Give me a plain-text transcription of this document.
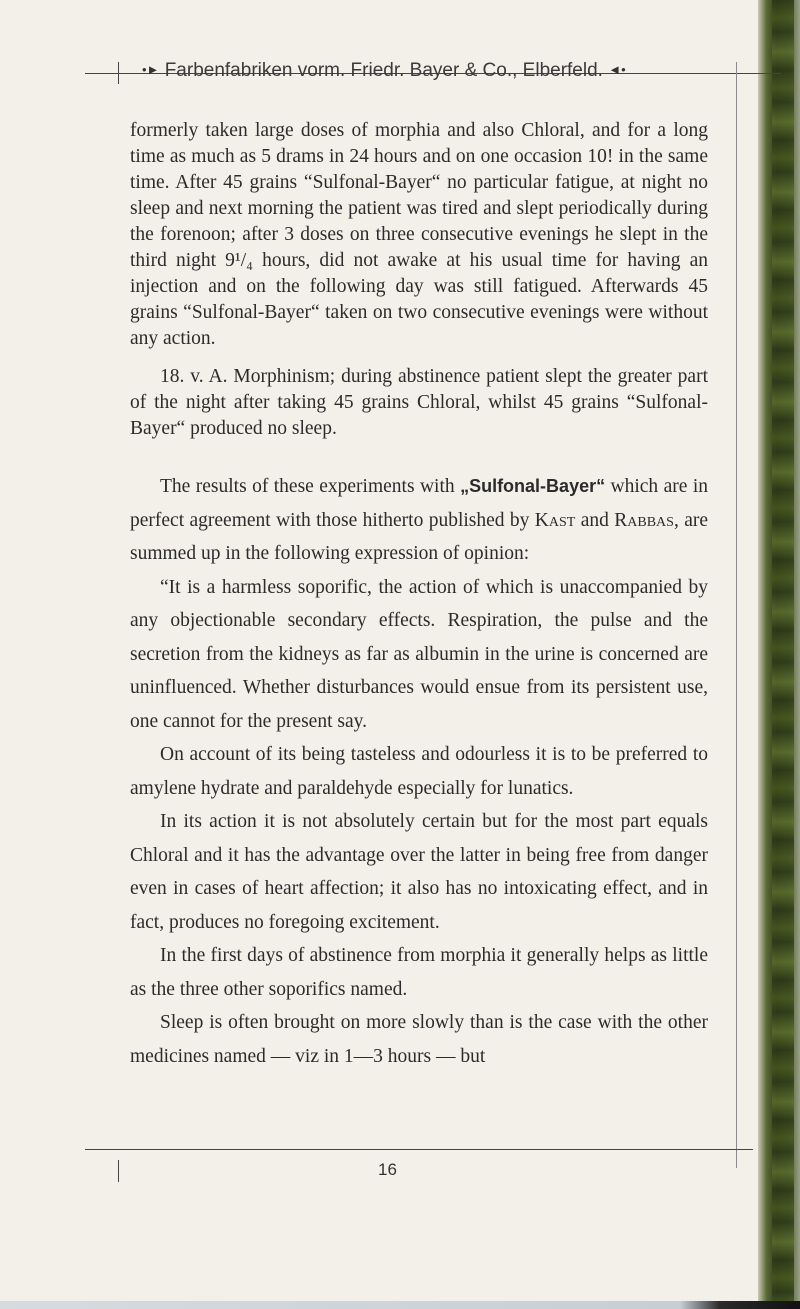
•► Farbenfabriken vorm. Friedr. Bayer & Co., Elberfeld. ◄•

formerly taken large doses of morphia and also Chloral, and for a long time as much as 5 drams in 24 hours and on one occasion 10! in the same time. After 45 grains “Sulfonal-Bayer“ no particular fatigue, at night no sleep and next morning the patient was tired and slept periodically during the forenoon; after 3 doses on three consecutive evenings he slept in the third night 9¹/₄ hours, did not awake at his usual time for having an injection and on the following day was still fatigued. Afterwards 45 grains “Sulfonal-Bayer“ taken on two consecutive evenings were without any action.

18. v. A. Morphinism; during abstinence patient slept the greater part of the night after taking 45 grains Chloral, whilst 45 grains “Sulfonal-Bayer“ produced no sleep.

The results of these experiments with „Sulfonal-Bayer“ which are in perfect agreement with those hitherto published by Kast and Rabbas, are summed up in the following expression of opinion:

“It is a harmless soporific, the action of which is unaccompanied by any objectionable secondary effects. Respiration, the pulse and the secretion from the kidneys as far as albumin in the urine is concerned are uninfluenced. Whether disturbances would ensue from its persistent use, one cannot for the present say.

On account of its being tasteless and odourless it is to be preferred to amylene hydrate and paraldehyde especially for lunatics.

In its action it is not absolutely certain but for the most part equals Chloral and it has the advantage over the latter in being free from danger even in cases of heart affection; it also has no intoxicating effect, and in fact, produces no foregoing excitement.

In the first days of abstinence from morphia it generally helps as little as the three other soporifics named.

Sleep is often brought on more slowly than is the case with the other medicines named — viz in 1—3 hours — but

16
